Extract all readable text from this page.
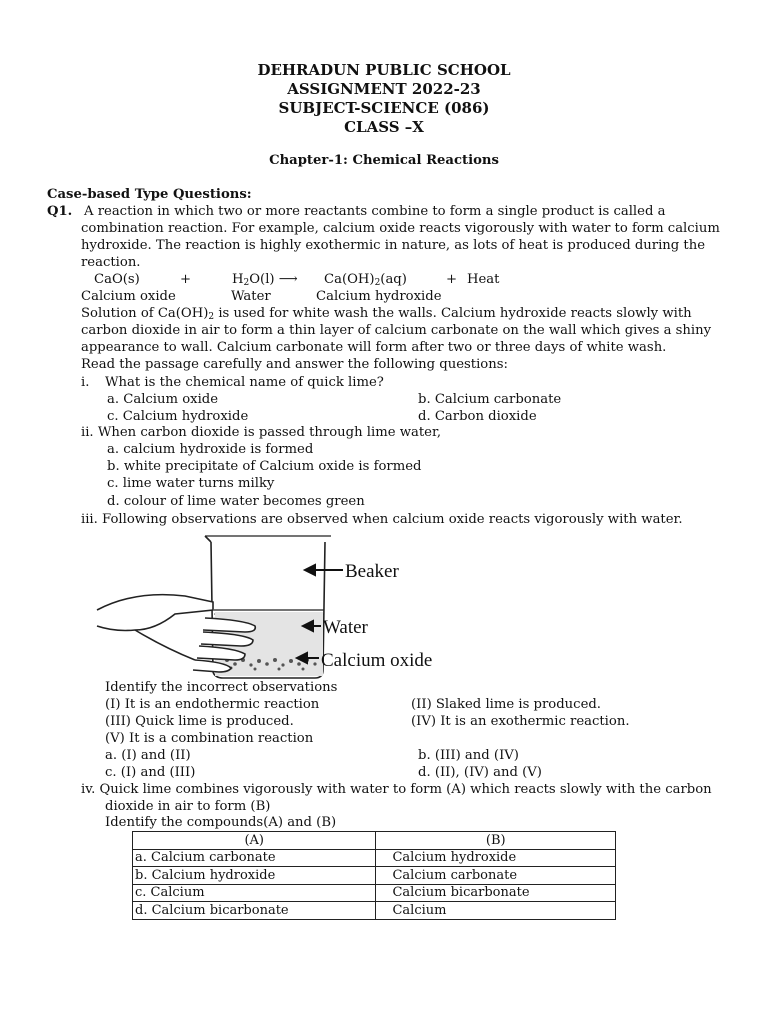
DEHRADUN PUBLIC SCHOOL
ASSIGNMENT 2022-23
SUBJECT-SCIENCE (086)
CLASS –X
Chapter-1: Chemical Reactions
Case-based Type Questions:
Q1. A reaction in which two or more reactants combine to form a single product is called a
combination reaction. For example, calcium oxide reacts vigorously with water to form calcium
hydroxide. The reaction is highly exothermic in nature, as lots of heat is produced during the
reaction.
CaO(s)	+	$H_2O(l)$ ⟶ $Ca(OH)_2(aq)$	+ Heat
Calcium oxide	Water	Calcium hydroxide
Solution of $Ca(OH)_2$ is used for white wash the walls. Calcium hydroxide reacts slowly with
carbon dioxide in air to form a thin layer of calcium carbonate on the wall which gives a shiny
appearance to wall. Calcium carbonate will form after two or three days of white wash.
Read the passage carefully and answer the following questions:
i. What is the chemical name of quick lime?
a. Calcium oxide	b. Calcium carbonate
c. Calcium hydroxide	d. Carbon dioxide
ii. When carbon dioxide is passed through lime water,
a. calcium hydroxide is formed
b. white precipitate of Calcium oxide is formed
c. lime water turns milky
d. colour of lime water becomes green
iii. Following observations are observed when calcium oxide reacts vigorously with water.
Beaker
Water
Calcium oxide
Identify the incorrect observations
(I) It is an endothermic reaction	(II) Slaked lime is produced.
(III) Quick lime is produced.	(IV) It is an exothermic reaction.
(V) It is a combination reaction
a. (I) and (II)	b. (III) and (IV)
c. (I) and (III)	d. (II), (IV) and (V)
iv. Quick lime combines vigorously with water to form (A) which reacts slowly with the carbon
dioxide in air to form (B)
Identify the compounds(A) and (B)
(A)	(B)
a. Calcium carbonate	Calcium hydroxide
b. Calcium hydroxide	Calcium carbonate
c. Calcium	Calcium bicarbonate
d. Calcium bicarbonate	Calcium
